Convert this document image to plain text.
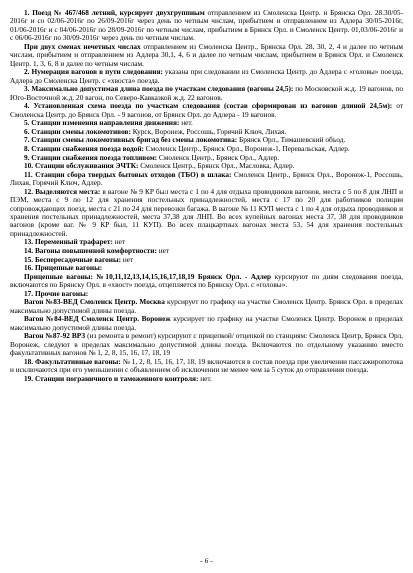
1. Поезд № 467/468 летний, курсирует двухгруппным отправлением из Смоленска Центр. и Брянска Орл. 28.30/05-2016г и со 02/06-2016г по 26/09-2016г через день по четным числам, прибытием и отправлением из Адлера 30/05-2016г, 01/06-2016г и с 04/06-2016г по 28/09-2016г по четным числам, прибытием в Брянск Орл. и Смоленск Центр. 01,03/06-2016г и с 06/06-2016г по 30/09-2016г через день по четным числам.

При двух сменах нечетных числах отправлением из Смоленска Центр., Брянска Орл. 28, 30, 2, 4 и далее по четным числам, прибытием и отправлением из Адлера 30,1, 4, 6 и далее по четным числам, прибытием в Брянск Орл. и Смоленск Центр. 1, 3, 6, 8 и далее по четным числам.

2. Нумерация вагонов в пути следования: указана при следовании из Смоленска Центр. до Адлера с «головы» поезда, Адлера до Смоленска Центр. с «хвоста» поезда.

3. Максимально допустимая длина поезда по участкам следования (вагоны 24,5): по Московской ж.д. 19 вагонов, по Юго-Восточной ж.д. 20 вагон, по Северо-Кавказкой ж.д. 22 вагонов.

4. Установленная схема поезда по участкам следования (состав сформирован из вагонов длиной 24,5м): от Смоленска Центр. до Брянск Орл. - 9 вагонов, от Брянск Орл. до Адлера - 19 вагонов.

5. Станции изменения направления движения: нет.

6. Станции смены локомотивов: Курск, Воронеж, Россошь, Горячий Ключ, Лихая.

7. Станции смены локомотивных бригад без смены локомотива: Брянск Орл., Тимашевский объод.

8. Станции снабжения поезда водой: Смоленск Центр., Брянск Орл., Воронеж-1, Перевальская, Адлер.

9. Станции снабжения поезда топливом: Смоленск Центр., Брянск Орл., Адлер.

10. Станции обслуживания ЭЧТК: Смоленск Центр., Брянск Орл., Масловка, Адлер.

11. Станции сбора твердых бытовых отходов (ТБО) в шлака: Смоленск Центр., Брянск Орл., Воронеж-1, Россошь, Лихая, Горячий Ключ, Адлер.

12. Выделяются места: в вагоне № 9 КР был места с 1 по 4 для отдыха проводников вагонов, места с 5 по 8 для ЛНП и ПЭМ, места с 9 по 12 для хранения постельных принадлежностей, места с 17 по 20 для работников полиции сопровождающих поезд, места с 21 по 24 для перевозки багажа. В вагоне № 11 КУП места с 1 по 4 для отдыха проводников и хранения постельных принадлежностей, места 37,38 для ЛНП. Во всех купейных вагонах места 37, 38 для проводников вагонов (кроме ваг. № 9 КР был, 11 КУП). Во всех плацкартных вагонах места 53, 54 для хранения постельных принадлежностей.

13. Переменный трафарет: нет

14. Вагоны повышенной комфортности: нет

15. Беспересадочные вагоны: нет

16. Прицепные вагоны:

Прицепные вагоны: №10,11,12,13,14,15,16,17,18,19 Брянск Орл. - Адлер курсируют по дням следования поезда, включаются по Брянску Орл. в «хвост» поезда, отцепляется по Брянску Орл. с «головы».

17. Прочие вагоны:

Вагон №83-ВЕД Смоленск Центр. Москва курсирует по графику на участке Смоленск Центр. Брянск Орл. в пределах максимально допустимой длины поезда.

Вагон №84-ВЕД Смоленск Центр. Воронеж курсирует по графику на участке Смоленск Центр. Воронеж в пределах максимально допустимой длины поезда.

Вагон №87-92 ВРЗ (из ремонта в ремонт) курсируют с прицепкой/ отцепкой по станциям: Смоленск Центр, Брянск Орл, Воронеж, следуют в пределах максимально допустимой длины поезда. Включаются по отдельному указанию вместо факультативных вагонов № 1, 2, 8, 15, 16, 17, 18, 19

18. Факультативные вагоны: № 1, 2, 8, 15, 16, 17, 18, 19 включаются в состав поезда при увеличении пассажиропотока и исключаются при его уменьшении с объявлением об исключении не менее чем за 5 суток до отправления поезда.

19. Станции пограничного и таможенного контроля: нет.

- 6 -
